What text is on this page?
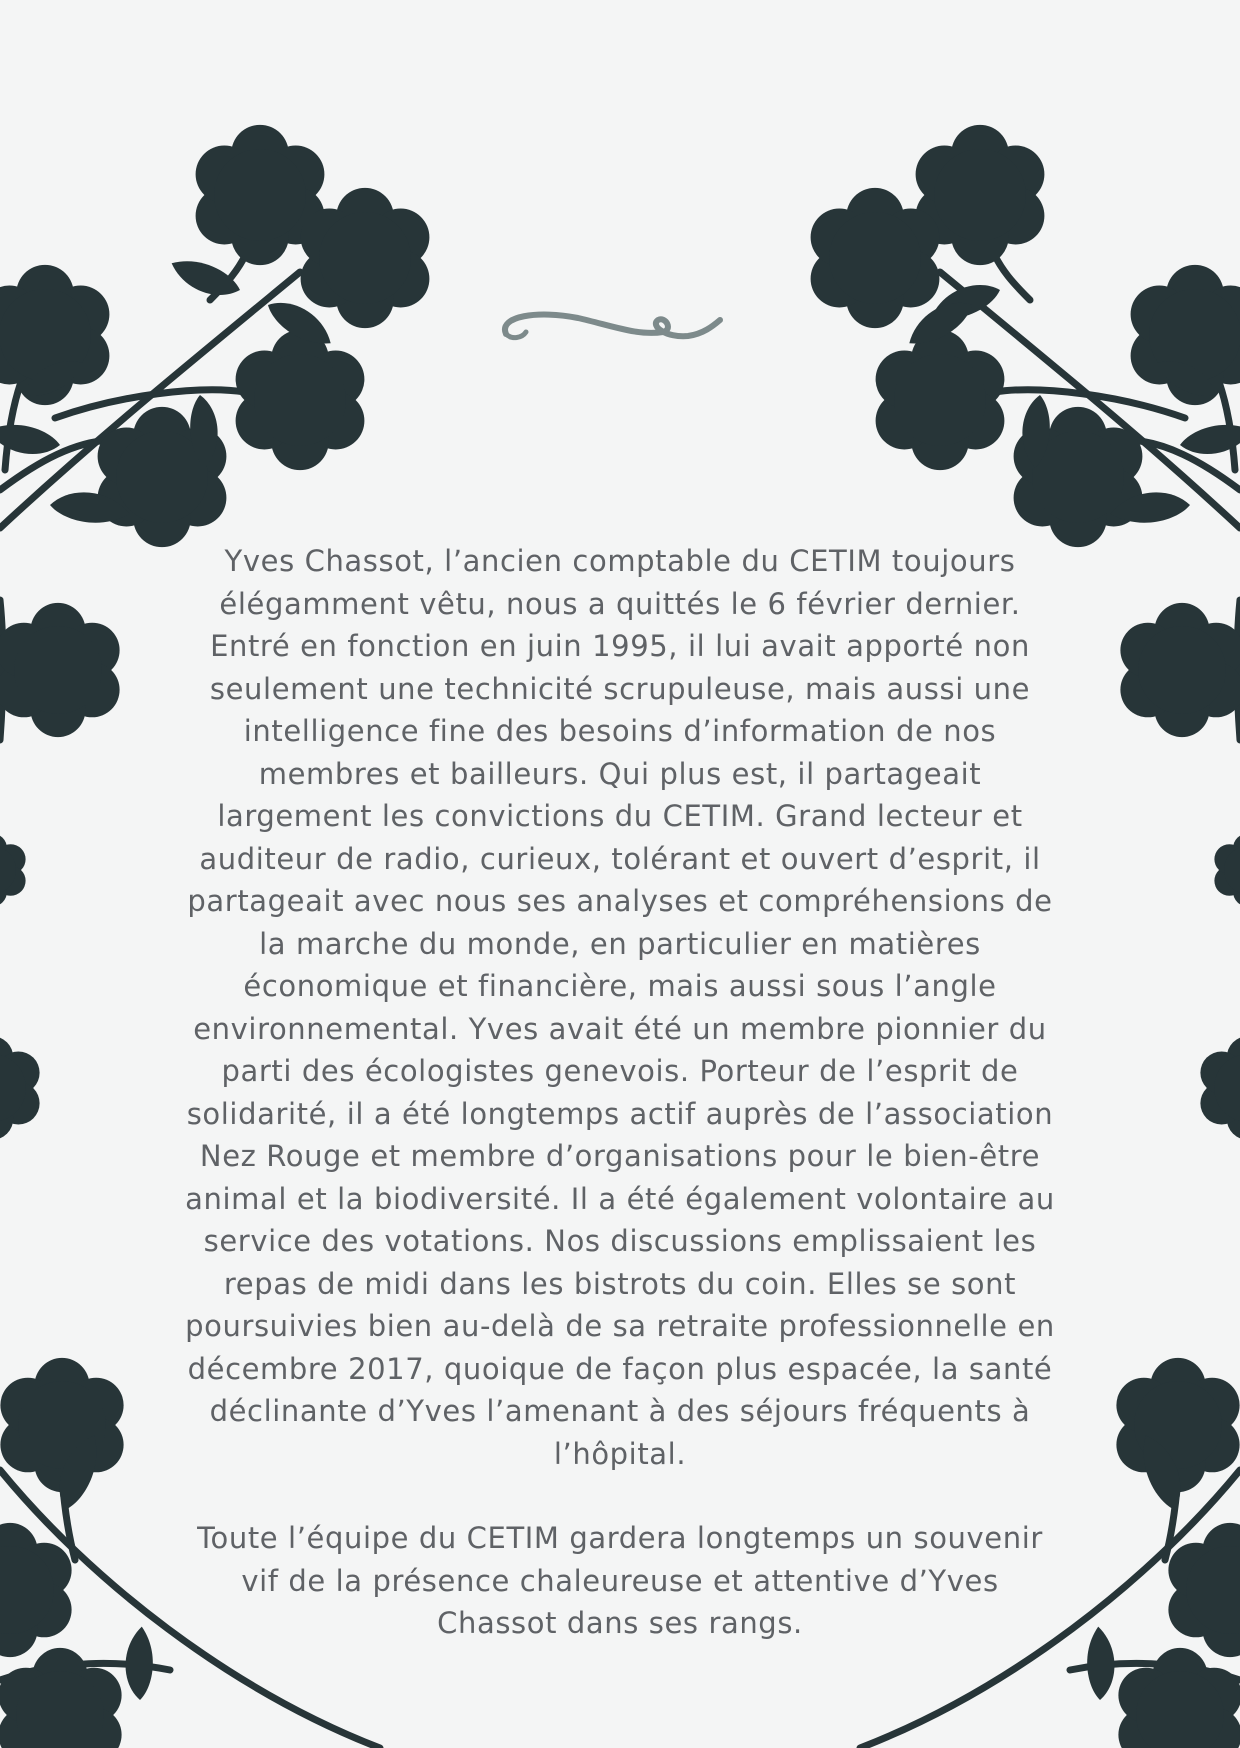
Yves Chassot, l’ancien comptable du CETIM toujours élégamment vêtu, nous a quittés le 6 février dernier. Entré en fonction en juin 1995, il lui avait apporté non seulement une technicité scrupuleuse, mais aussi une intelligence fine des besoins d’information de nos membres et bailleurs. Qui plus est, il partageait largement les convictions du CETIM. Grand lecteur et auditeur de radio, curieux, tolérant et ouvert d’esprit, il partageait avec nous ses analyses et compréhensions de la marche du monde, en particulier en matières économique et financière, mais aussi sous l’angle environnemental. Yves avait été un membre pionnier du parti des écologistes genevois. Porteur de l’esprit de solidarité, il a été longtemps actif auprès de l’association Nez Rouge et membre d’organisations pour le bien-être animal et la biodiversité. Il a été également volontaire au service des votations. Nos discussions emplissaient les repas de midi dans les bistrots du coin. Elles se sont poursuivies bien au-delà de sa retraite professionnelle en décembre 2017, quoique de façon plus espacée, la santé déclinante d’Yves l’amenant à des séjours fréquents à l’hôpital.

Toute l’équipe du CETIM gardera longtemps un souvenir vif de la présence chaleureuse et attentive d’Yves Chassot dans ses rangs.
